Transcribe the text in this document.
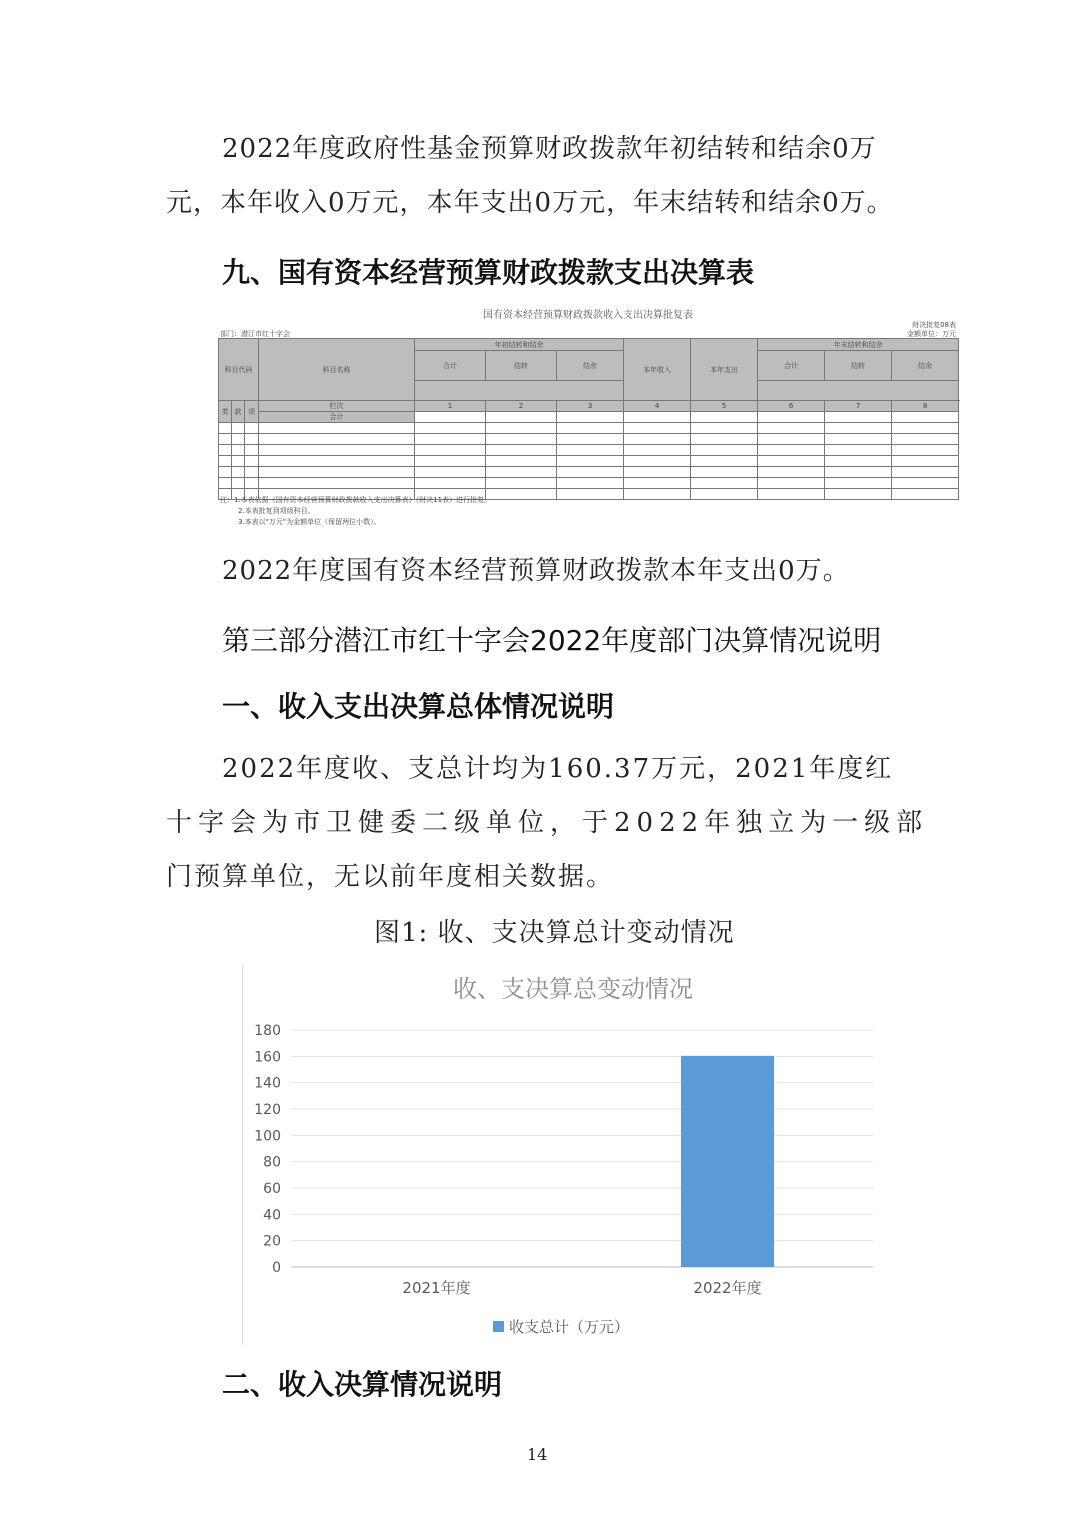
2022年度政府性基金预算财政拨款年初结转和结余0万
元，本年收入0万元，本年支出0万元，年末结转和结余0万。
九、国有资本经营预算财政拨款支出决算表
国有资本经营预算财政拨款收入支出决算批复表
财决批复08表
金额单位：万元
部门：潜江市红十字会
科目代码			科目名称	年初结转和结余			本年收入	本年支出	年末结转和结余			
				合计	结转	结余			合计	结转	结余	

类	款	项	栏次	1	2	3	4	5	6	7	8	
			合计									

注：1.本表依据《国有资本经营预算财政拨款收入支出决算表》（财决11表）进行批复。
2.本表批复到项级科目。
3.本表以"万元"为金额单位（保留两位小数）。
2022年度国有资本经营预算财政拨款本年支出0万。
第三部分潜江市红十字会2022年度部门决算情况说明
一、收入支出决算总体情况说明
2022年度收、支总计均为160.37万元，2021年度红
十字会为市卫健委二级单位，于2022年独立为一级部
门预算单位，无以前年度相关数据。
图1: 收、支决算总计变动情况
收、支决算总变动情况
0
20
40
60
80
100
120
140
160
180
2021年度	2022年度
收支总计（万元）
二、收入决算情况说明
14
